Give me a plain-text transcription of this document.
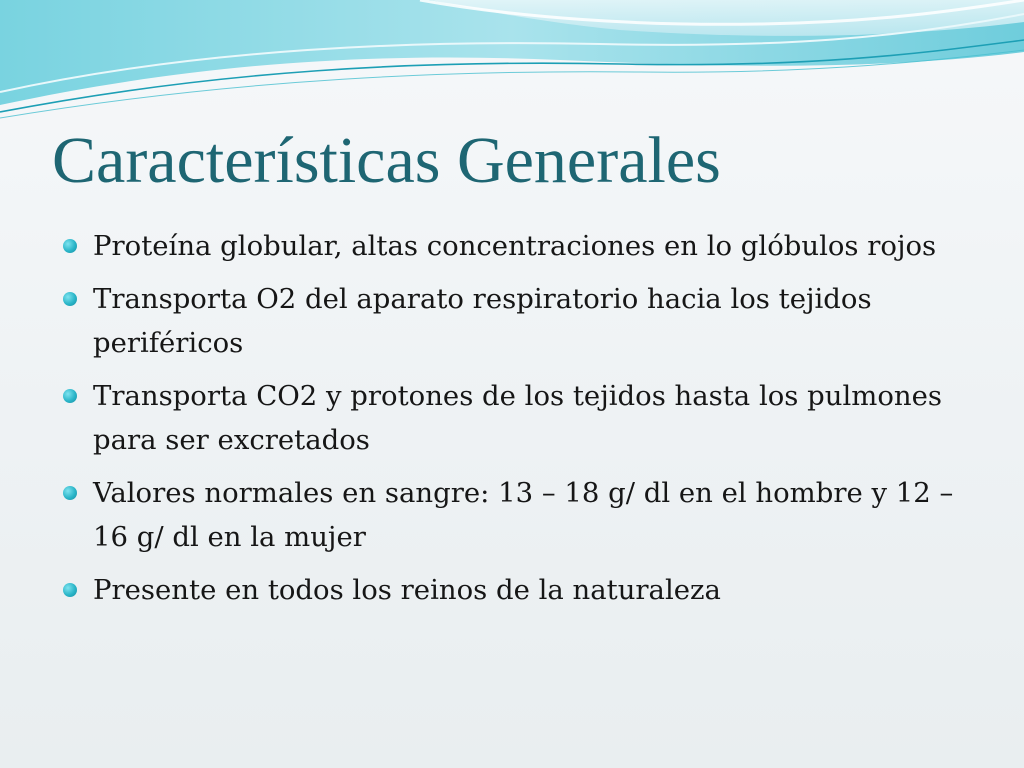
Características Generales
Proteína globular, altas concentraciones en lo glóbulos rojos
Transporta O2 del aparato respiratorio hacia los tejidos periféricos
Transporta CO2 y protones de los tejidos hasta los pulmones para ser excretados
Valores normales en sangre: 13 – 18 g/ dl en el hombre y 12 – 16 g/ dl en la mujer
Presente en todos los reinos de la naturaleza
